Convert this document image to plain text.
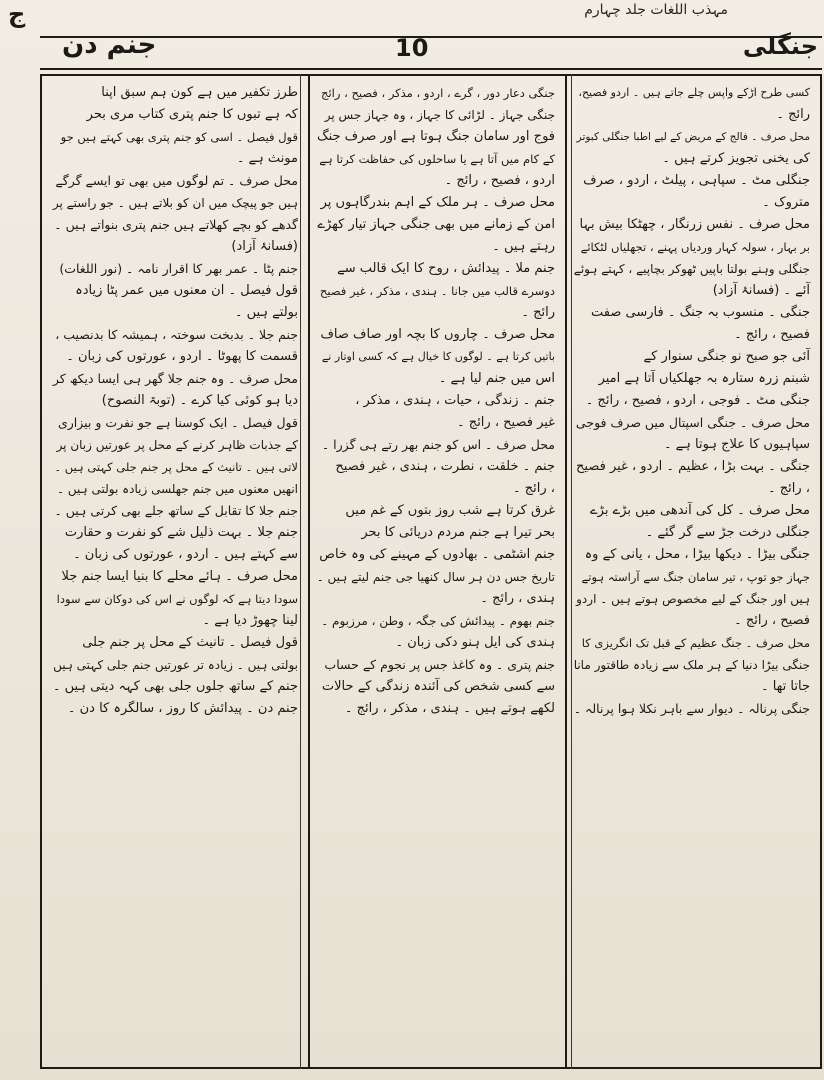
مہذب اللغات جلد چہارم
ج
جنم دن	10	جنگلی
کسی طرح اڑکے واپس چلے جاتے ہیں ۔ اردو فصیح،
رائج ۔
محل صرف ۔ فالج کے مریض کے لیے اطبا جنگلی کبوتر
کی یخنی تجویز کرتے ہیں ۔
جنگلی مٹ ۔ سپاہی ، پیلٹ ، اردو ، صرف
متروک ۔
محل صرف ۔ نفس زرنگار ، چھٹکا بیش بہا
بر بہار ، سولہ کہار وردیاں پہنے ، تجھلیاں لٹکائے
جنگلی وہنے بولتا باپیں ٹھوکر بچاپیے ، کہتے ہوئے
آئے ۔ (فسانۂ آزاد)
جنگی ۔ منسوب بہ جنگ ۔ فارسی صفت
فصیح ، رائج ۔
آئی جو صبح نو جنگی سنوار کے
شبنم زرہ ستارہ بہ جھلکیاں آتا ہے امیر
جنگی مٹ ۔ فوجی ، اردو ، فصیح ، رائج ۔
محل صرف ۔ جنگی اسپتال میں صرف فوجی
سپاہیوں کا علاج ہوتا ہے ۔
جنگی ۔ بہت بڑا ، عظیم ۔ اردو ، غیر فصیح
، رائج ۔
محل صرف ۔ کل کی آندھی میں بڑے بڑے
جنگلی درخت جڑ سے گر گئے ۔
جنگی بیڑا ۔ دیکھا بیڑا ، محل ، یانی کے وہ
جہاز جو توپ ، تیر سامان جنگ سے آراستہ ہوتے
ہیں اور جنگ کے لیے مخصوص ہوتے ہیں ۔ اردو
فصیح ، رائج ۔
محل صرف ۔ جنگ عظیم کے قبل تک انگریزی کا
جنگی بیڑا دنیا کے ہر ملک سے زیادہ طاقتور مانا
جاتا تھا ۔
جنگی پرنالہ ۔ دیوار سے باہر نکلا ہوا پرنالہ ۔
جنگی دعار دور ، گرے ، اردو ، مذکر ، فصیح ، رائج
جنگی جہاز ۔ لڑائی کا جہاز ، وہ جہاز جس پر
فوج اور سامان جنگ ہوتا ہے اور صرف جنگ
کے کام میں آتا ہے یا ساحلوں کی حفاظت کرتا ہے
اردو ، فصیح ، رائج ۔
محل صرف ۔ ہر ملک کے اہم بندرگاہوں پر
امن کے زمانے میں بھی جنگی جہاز تیار کھڑے
رہتے ہیں ۔
جنم ملا ۔ پیدائش ، روح کا ایک قالب سے
دوسرے قالب میں جانا ۔ ہندی ، مذکر ، غیر فصیح
رائج ۔
محل صرف ۔ چاروں کا بچہ اور صاف صاف
باتیں کرتا ہے ۔ لوگوں کا خیال ہے کہ کسی اوتار نے
اس میں جنم لیا ہے ۔
جنم ۔ زندگی ، حیات ، ہندی ، مذکر ،
غیر فصیح ، رائج ۔
محل صرف ۔ اس کو جنم بھر رتے ہی گزرا ۔
جنم ۔ خلقت ، نطرت ، ہندی ، غیر فصیح
، رائج ۔
غرق کرتا ہے شب روز بتوں کے غم میں
بحر تیرا ہے جنم مردم دریائی کا بحر
جنم اشٹمی ۔ بھادوں کے مہینے کی وہ خاص
تاریخ جس دن ہر سال کنھیا جی جنم لیتے ہیں ۔
ہندی ، رائج ۔
جنم بھوم ۔ پیدائش کی جگہ ، وطن ، مرزبوم ۔
ہندی کی ایل ہنو دکی زبان ۔
جنم پتری ۔ وہ کاغذ جس پر نجوم کے حساب
سے کسی شخص کی آئندہ زندگی کے حالات
لکھے ہوتے ہیں ۔ ہندی ، مذکر ، رائج ۔
طرز تکفیر میں ہے کون ہم سبق اپنا
کہ ہے تبوں کا جنم پتری کتاب مری بحر
قول فیصل ۔ اسی کو جنم پتری بھی کہتے ہیں جو
مونث ہے ۔
محل صرف ۔ تم لوگوں میں بھی تو ایسے گرگے
ہیں جو پیچک میں ان کو بلاتے ہیں ۔ جو راستے پر
گدھے کو بچے کھلاتے ہیں جنم پتری بنواتے ہیں ۔
(فسانۂ آزاد)
جنم پٹا ۔ عمر بھر کا اقرار نامہ ۔ (نور اللغات)
قول فیصل ۔ ان معنوں میں عمر پٹا زیادہ
بولتے ہیں ۔
جنم جلا ۔ بدبخت سوختہ ، ہمیشہ کا بدنصیب ،
قسمت کا پھوٹا ۔ اردو ، عورتوں کی زبان ۔
محل صرف ۔ وہ جنم جلا گھر ہی ایسا دیکھ کر
دیا ہو کوئی کیا کرے ۔ (توبۃ النصوح)
قول فیصل ۔ ایک کوسنا ہے جو نفرت و بیزاری
کے جذبات ظاہر کرنے کے محل پر عورتیں زبان پر
لاتی ہیں ۔ تانیث کے محل پر جنم جلی کہتی ہیں ۔
انھیں معنوں میں جنم جھلسی زیادہ بولتی ہیں ۔
جنم جلا کا تقابل کے ساتھ جلے بھی کرتی ہیں ۔
جنم جلا ۔ بہت ذلیل شے کو نفرت و حقارت
سے کہتے ہیں ۔ اردو ، عورتوں کی زبان ۔
محل صرف ۔ ہائے محلے کا بنیا ایسا جنم جلا
سودا دیتا ہے کہ لوگوں نے اس کی دوکان سے سودا
لینا چھوڑ دیا ہے ۔
قول فیصل ۔ تانیث کے محل پر جنم جلی
بولتی ہیں ۔ زیادہ تر عورتیں جنم جلی کہتی ہیں
جنم کے ساتھ جلوں جلی بھی کہہ دیتی ہیں ۔
جنم دن ۔ پیدائش کا روز ، سالگرہ کا دن ۔
